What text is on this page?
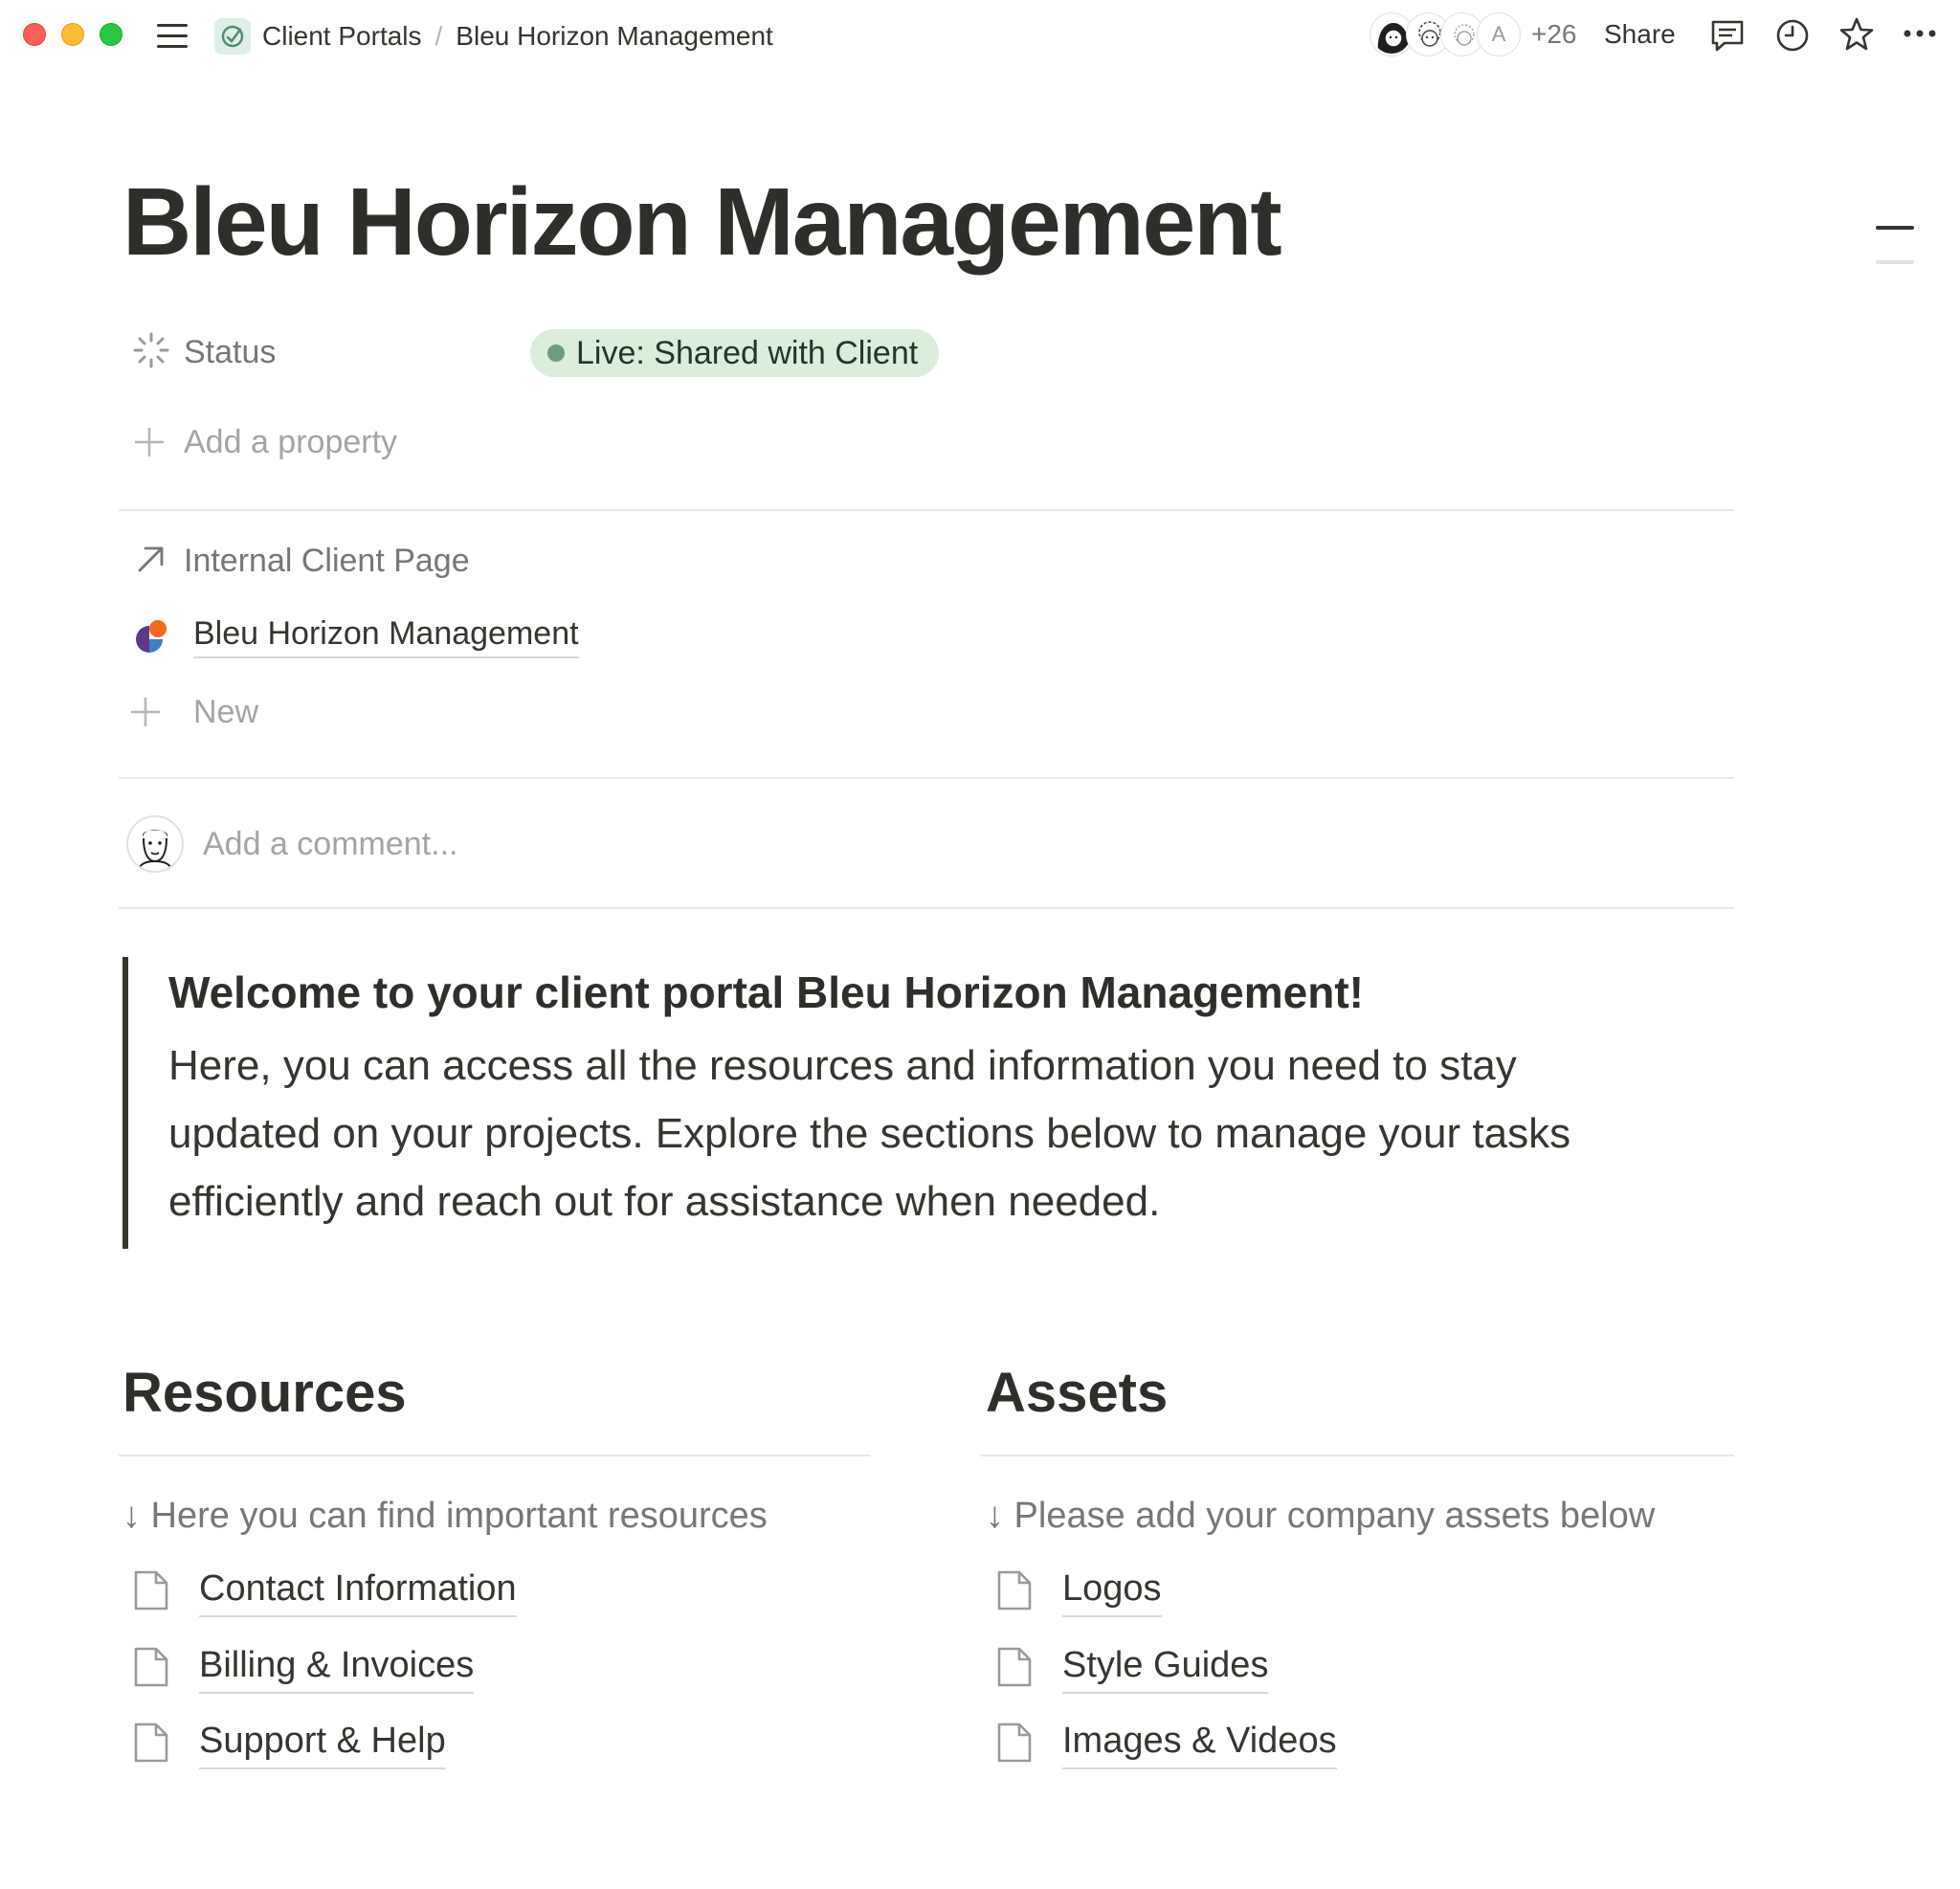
Client Portals / Bleu Horizon Management	A +26 Share
Bleu Horizon Management
Status	Live: Shared with Client
Add a property
Internal Client Page
Bleu Horizon Management
New
Add a comment...
Welcome to your client portal Bleu Horizon Management!
Here, you can access all the resources and information you need to stay
updated on your projects. Explore the sections below to manage your tasks
efficiently and reach out for assistance when needed.
Resources
↓ Here you can find important resources
Contact Information
Billing & Invoices
Support & Help
Assets
↓ Please add your company assets below
Logos
Style Guides
Images & Videos
